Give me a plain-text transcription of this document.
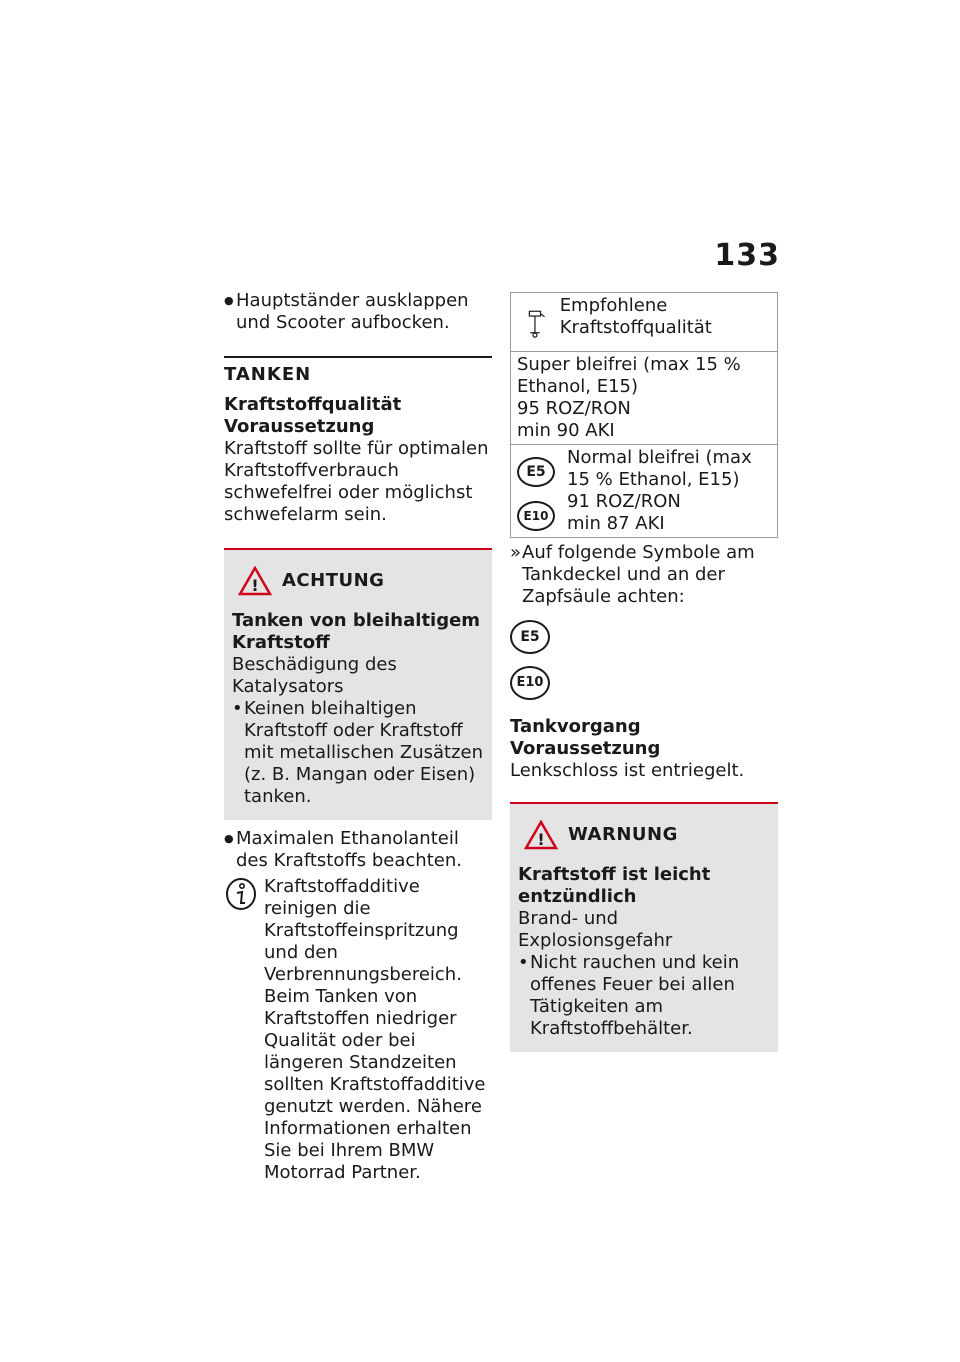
133

● Hauptständer ausklappen und Scooter aufbocken.

TANKEN

Kraftstoffqualität

Voraussetzung

Kraftstoff sollte für optimalen Kraftstoffverbrauch schwefelfrei oder möglichst schwefelarm sein.

! ACHTUNG

Tanken von bleihaltigem Kraftstoff

Beschädigung des Katalysators

• Keinen bleihaltigen Kraftstoff oder Kraftstoff mit metallischen Zusätzen (z. B. Mangan oder Eisen) tanken.

● Maximalen Ethanolanteil des Kraftstoffs beachten.

Kraftstoffadditive reinigen die Kraftstoffeinspritzung und den Verbrennungsbereich. Beim Tanken von Kraftstoffen niedriger Qualität oder bei längeren Standzeiten sollten Kraftstoffadditive genutzt werden. Nähere Informationen erhalten Sie bei Ihrem BMW Motorrad Partner.

Empfohlene Kraftstoffqualität

Super bleifrei (max 15 %
Ethanol, E15)
95 ROZ/RON
min 90 AKI

E5 E10
Normal bleifrei (max
15 % Ethanol, E15)
91 ROZ/RON
min 87 AKI

» Auf folgende Symbole am Tankdeckel und an der Zapfsäule achten:

E5
E10

Tankvorgang

Voraussetzung

Lenkschloss ist entriegelt.

! WARNUNG

Kraftstoff ist leicht entzündlich

Brand- und Explosionsgefahr

• Nicht rauchen und kein offenes Feuer bei allen Tätigkeiten am Kraftstoffbehälter.
